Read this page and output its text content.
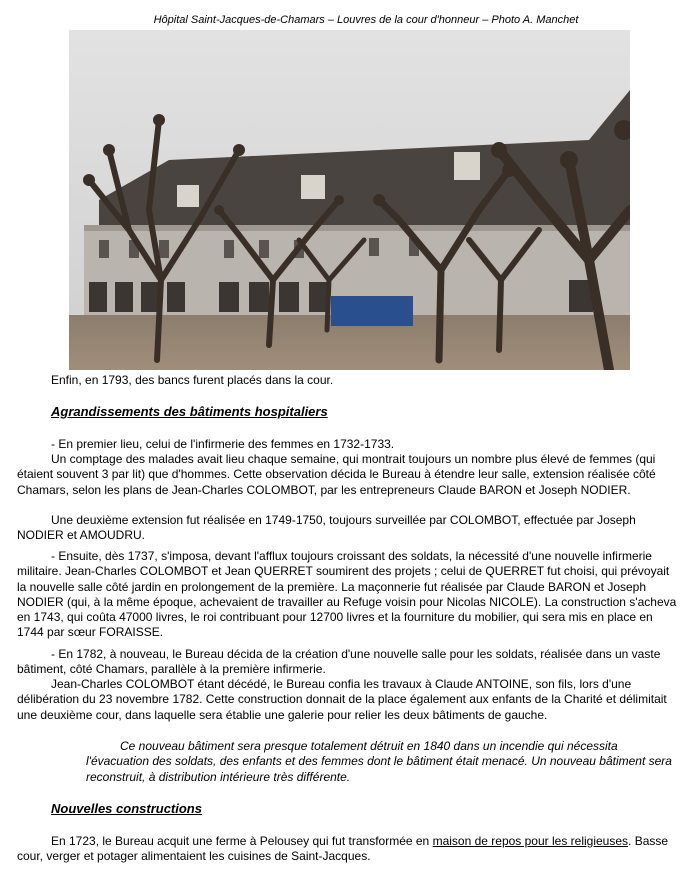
Hôpital Saint-Jacques-de-Chamars – Louvres de la cour d'honneur – Photo A. Manchet
Enfin, en 1793, des bancs furent placés dans la cour.
Agrandissements des bâtiments hospitaliers
- En premier lieu, celui de l'infirmerie des femmes en 1732-1733.
Un comptage des malades avait lieu chaque semaine, qui montrait toujours un nombre plus élevé de femmes (qui étaient souvent 3 par lit) que d'hommes. Cette observation décida le Bureau à étendre leur salle, extension réalisée côté Chamars, selon les plans de Jean-Charles COLOMBOT, par les entrepreneurs Claude BARON et Joseph NODIER.
Une deuxième extension fut réalisée en 1749-1750, toujours surveillée par COLOMBOT, effectuée par Joseph NODIER et AMOUDRU.
- Ensuite, dès 1737, s'imposa, devant l'afflux toujours croissant des soldats, la nécessité d'une nouvelle infirmerie militaire. Jean-Charles COLOMBOT et Jean QUERRET soumirent des projets ; celui de QUERRET fut choisi, qui prévoyait la nouvelle salle côté jardin en prolongement de la première. La maçonnerie fut réalisée par Claude BARON et Joseph NODIER (qui, à la même époque, achevaient de travailler au Refuge voisin pour Nicolas NICOLE). La construction s'acheva en 1743, qui coûta 47000 livres, le roi contribuant pour 12700 livres et la fourniture du mobilier, qui sera mis en place en 1744 par sœur FORAISSE.
- En 1782, à nouveau, le Bureau décida de la création d'une nouvelle salle pour les soldats, réalisée dans un vaste bâtiment, côté Chamars, parallèle à la première infirmerie.
Jean-Charles COLOMBOT étant décédé, le Bureau confia les travaux à Claude ANTOINE, son fils, lors d'une délibération du 23 novembre 1782. Cette construction donnait de la place également aux enfants de la Charité et délimitait une deuxième cour, dans laquelle sera établie une galerie pour relier les deux bâtiments de gauche.
Ce nouveau bâtiment sera presque totalement détruit en 1840 dans un incendie qui nécessita l'évacuation des soldats, des enfants et des femmes dont le bâtiment était menacé. Un nouveau bâtiment sera reconstruit, à distribution intérieure très différente.
Nouvelles constructions
En 1723, le Bureau acquit une ferme à Pelousey qui fut transformée en maison de repos pour les religieuses. Basse cour, verger et potager alimentaient les cuisines de Saint-Jacques.
